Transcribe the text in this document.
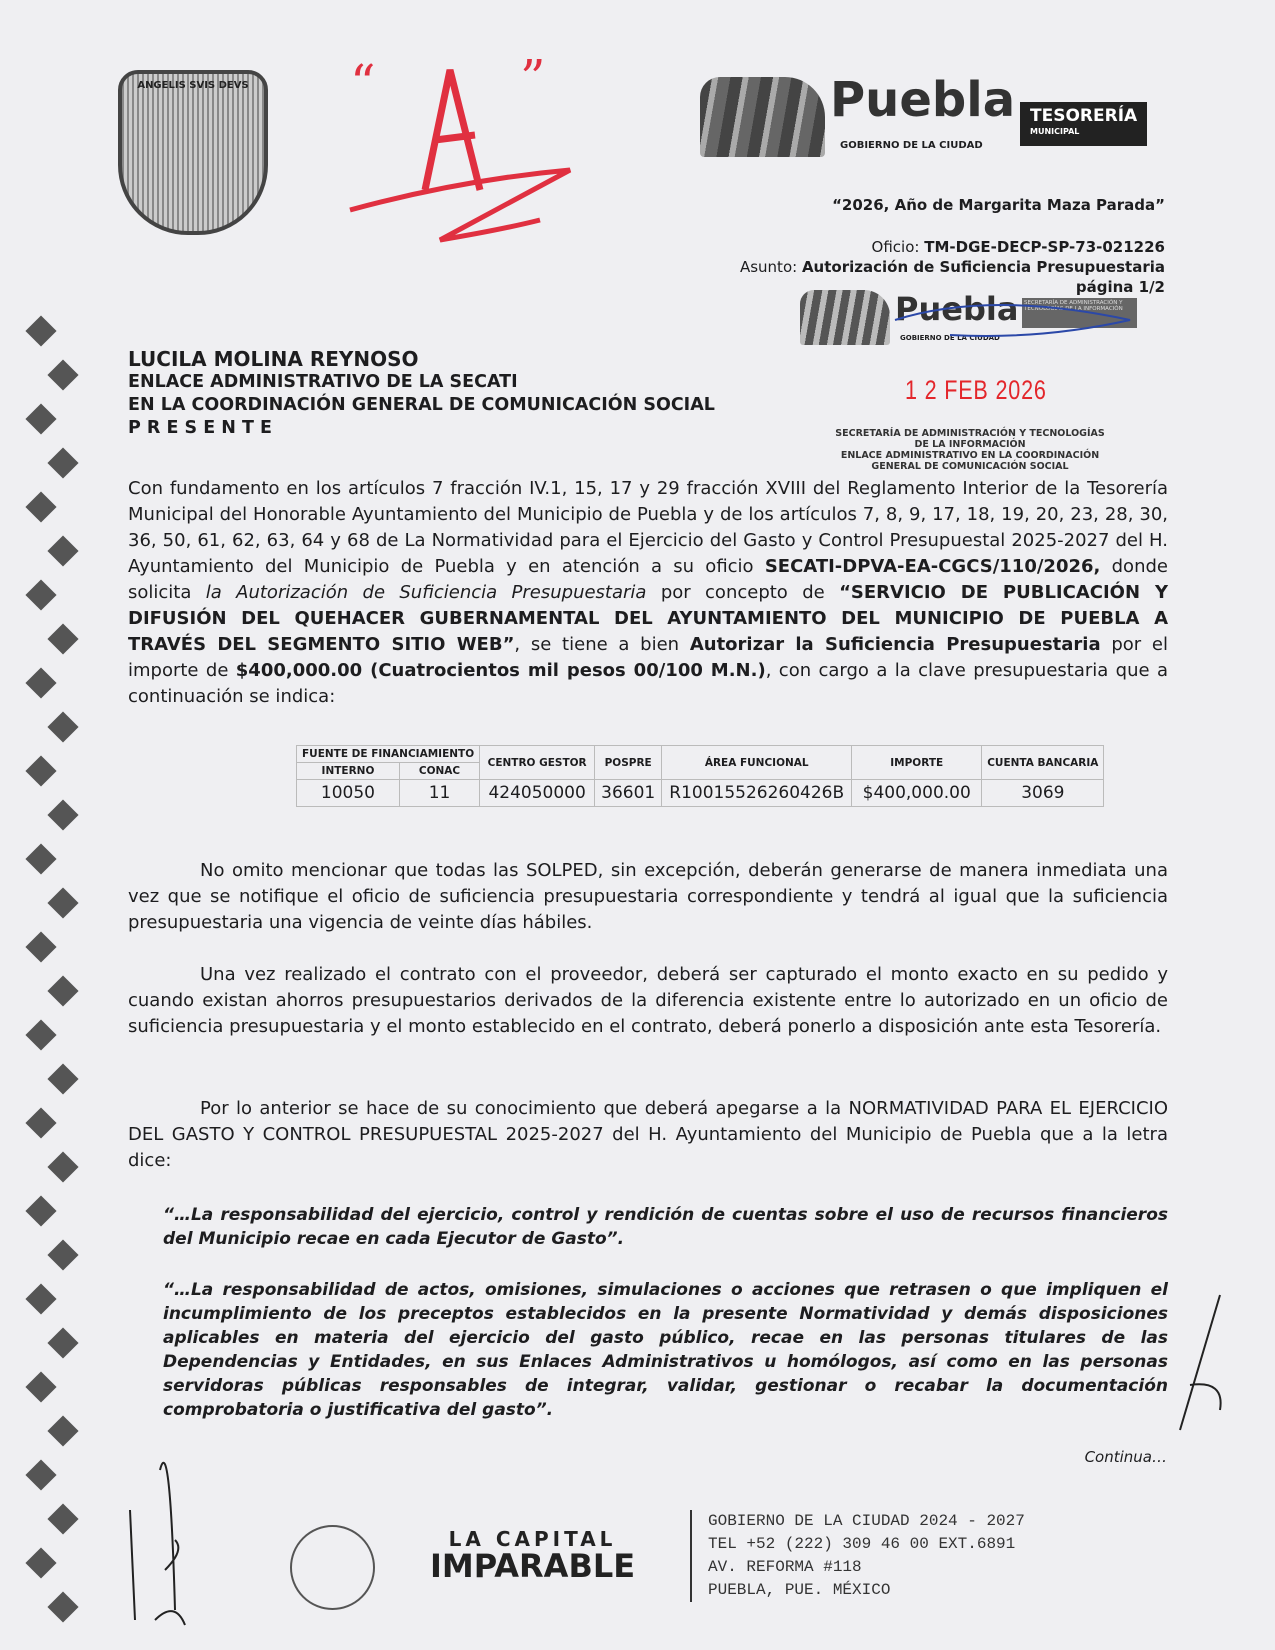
ANGELIS SVIS DEVS	“	”	Puebla
GOBIERNO DE LA CIUDAD
TESORERÍA
MUNICIPAL
“2026, Año de Margarita Maza Parada”
Oficio: TM-DGE-DECP-SP-73-021226
Asunto: Autorización de Suficiencia Presupuestaria
página 1/2
Puebla
GOBIERNO DE LA CIUDAD
SECRETARÍA DE ADMINISTRACIÓN Y TECNOLOGÍAS DE LA INFORMACIÓN
1 2 FEB 2026
SECRETARÍA DE ADMINISTRACIÓN Y TECNOLOGÍAS
DE LA INFORMACIÓN
ENLACE ADMINISTRATIVO EN LA COORDINACIÓN
GENERAL DE COMUNICACIÓN SOCIAL
LUCILA MOLINA REYNOSO
ENLACE ADMINISTRATIVO DE LA SECATI
EN LA COORDINACIÓN GENERAL DE COMUNICACIÓN SOCIAL
P R E S E N T E
Con fundamento en los artículos 7 fracción IV.1, 15, 17 y 29 fracción XVIII del Reglamento Interior de la Tesorería Municipal del Honorable Ayuntamiento del Municipio de Puebla y de los artículos 7, 8, 9, 17, 18, 19, 20, 23, 28, 30, 36, 50, 61, 62, 63, 64 y 68 de La Normatividad para el Ejercicio del Gasto y Control Presupuestal 2025-2027 del H. Ayuntamiento del Municipio de Puebla y en atención a su oficio SECATI-DPVA-EA-CGCS/110/2026, donde solicita la Autorización de Suficiencia Presupuestaria por concepto de “SERVICIO DE PUBLICACIÓN Y DIFUSIÓN DEL QUEHACER GUBERNAMENTAL DEL AYUNTAMIENTO DEL MUNICIPIO DE PUEBLA A TRAVÉS DEL SEGMENTO SITIO WEB”, se tiene a bien Autorizar la Suficiencia Presupuestaria por el importe de $400,000.00 (Cuatrocientos mil pesos 00/100 M.N.), con cargo a la clave presupuestaria que a continuación se indica:
FUENTE DE FINANCIAMIENTO		CENTRO GESTOR	POSPRE	ÁREA FUNCIONAL	IMPORTE	CUENTA BANCARIA
INTERNO	CONAC					
10050	11	424050000	36601	R10015526260426B	$400,000.00	3069
No omito mencionar que todas las SOLPED, sin excepción, deberán generarse de manera inmediata una vez que se notifique el oficio de suficiencia presupuestaria correspondiente y tendrá al igual que la suficiencia presupuestaria una vigencia de veinte días hábiles.
Una vez realizado el contrato con el proveedor, deberá ser capturado el monto exacto en su pedido y cuando existan ahorros presupuestarios derivados de la diferencia existente entre lo autorizado en un oficio de suficiencia presupuestaria y el monto establecido en el contrato, deberá ponerlo a disposición ante esta Tesorería.
Por lo anterior se hace de su conocimiento que deberá apegarse a la NORMATIVIDAD PARA EL EJERCICIO DEL GASTO Y CONTROL PRESUPUESTAL 2025-2027 del H. Ayuntamiento del Municipio de Puebla que a la letra dice:
“…La responsabilidad del ejercicio, control y rendición de cuentas sobre el uso de recursos financieros del Municipio recae en cada Ejecutor de Gasto”.
“…La responsabilidad de actos, omisiones, simulaciones o acciones que retrasen o que impliquen el incumplimiento de los preceptos establecidos en la presente Normatividad y demás disposiciones aplicables en materia del ejercicio del gasto público, recae en las personas titulares de las Dependencias y Entidades, en sus Enlaces Administrativos u homólogos, así como en las personas servidoras públicas responsables de integrar, validar, gestionar o recabar la documentación comprobatoria o justificativa del gasto”.
Continua…
LA CAPITAL
IMPARABLE
GOBIERNO DE LA CIUDAD 2024 - 2027
TEL +52 (222) 309 46 00 EXT.6891
AV. REFORMA #118
PUEBLA, PUE. MÉXICO
